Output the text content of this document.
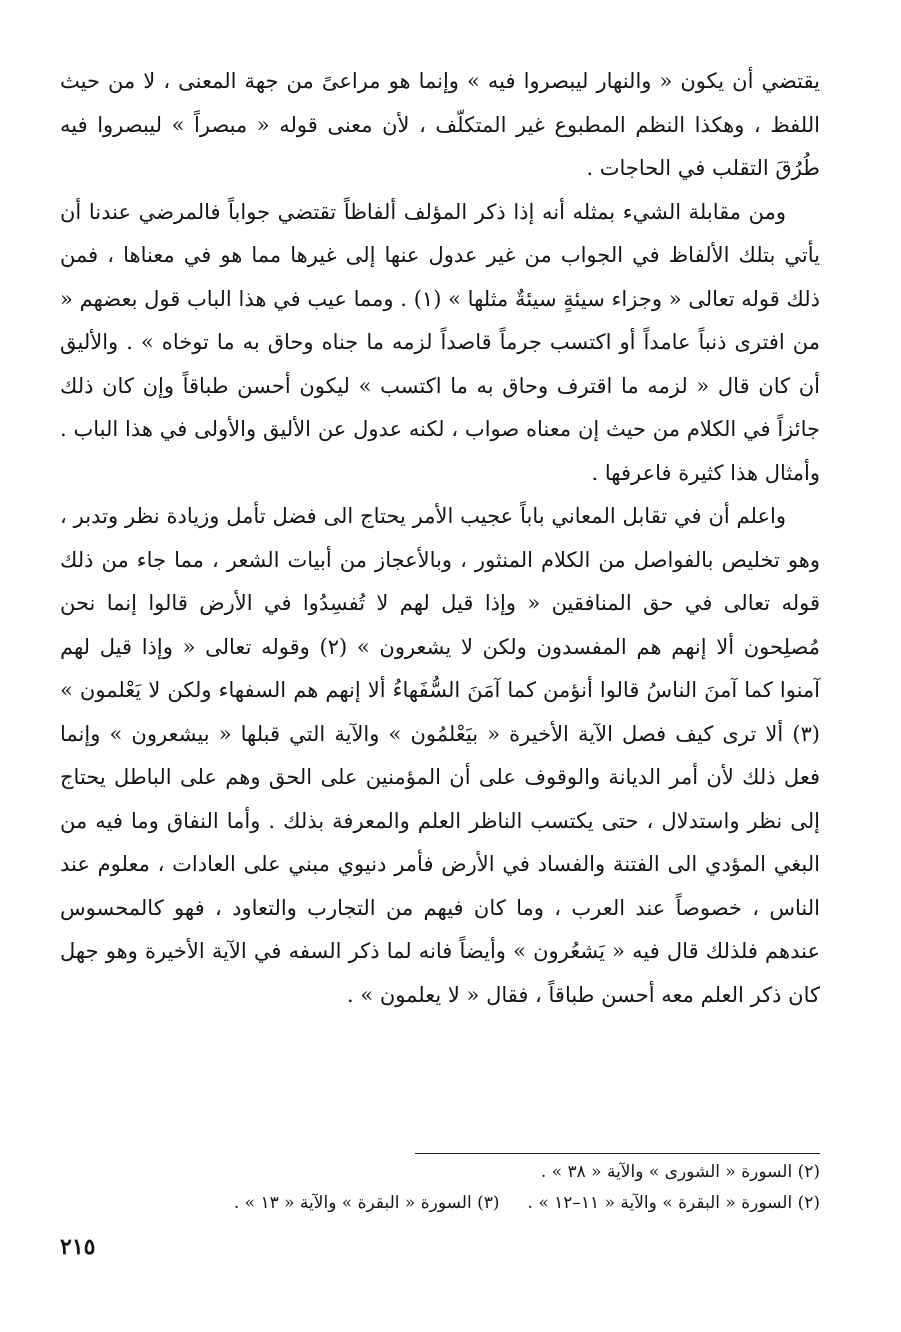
يقتضي أن يكون « والنهار ليبصروا فيه » وإنما هو مراعىً من جهة المعنى ، لا من حيث اللفظ ، وهكذا النظم المطبوع غير المتكلّف ، لأن معنى قوله « مبصراً » ليبصروا فيه طُرُقَ التقلب في الحاجات .

ومن مقابلة الشيء بمثله أنه إذا ذكر المؤلف ألفاظاً تقتضي جواباً فالمرضي عندنا أن يأتي بتلك الألفاظ في الجواب من غير عدول عنها إلى غيرها مما هو في معناها ، فمن ذلك قوله تعالى « وجزاء سيئةٍ سيئةٌ مثلها » (١) . ومما عيب في هذا الباب قول بعضهم « من افترى ذنباً عامداً أو اكتسب جرماً قاصداً لزمه ما جناه وحاق به ما توخاه » . والأليق أن كان قال « لزمه ما اقترف وحاق به ما اكتسب » ليكون أحسن طباقاً وإن كان ذلك جائزاً في الكلام من حيث إن معناه صواب ، لكنه عدول عن الأليق والأولى في هذا الباب . وأمثال هذا كثيرة فاعرفها .

واعلم أن في تقابل المعاني باباً عجيب الأمر يحتاج الى فضل تأمل وزيادة نظر وتدبر ، وهو تخليص بالفواصل من الكلام المنثور ، وبالأعجاز من أبيات الشعر ، مما جاء من ذلك قوله تعالى في حق المنافقين « وإذا قيل لهم لا تُفسِدُوا في الأرض قالوا إنما نحن مُصلِحون ألا إنهم هم المفسدون ولكن لا يشعرون » (٢) وقوله تعالى « وإذا قيل لهم آمنوا كما آمنَ الناسُ قالوا أنؤمن كما آمَنَ السُّفَهاءُ ألا إنهم هم السفهاء ولكن لا يَعْلمون » (٣) ألا ترى كيف فصل الآية الأخيرة « بيَعْلمُون » والآية التي قبلها « بيشعرون » وإنما فعل ذلك لأن أمر الديانة والوقوف على أن المؤمنين على الحق وهم على الباطل يحتاج إلى نظر واستدلال ، حتى يكتسب الناظر العلم والمعرفة بذلك . وأما النفاق وما فيه من البغي المؤدي الى الفتنة والفساد في الأرض فأمر دنيوي مبني على العادات ، معلوم عند الناس ، خصوصاً عند العرب ، وما كان فيهم من التجارب والتعاود ، فهو كالمحسوس عندهم فلذلك قال فيه « يَشعُرون » وأيضاً فانه لما ذكر السفه في الآية الأخيرة وهو جهل كان ذكر العلم معه أحسن طباقاً ، فقال « لا يعلمون » .

(٢) السورة « الشورى » والآية « ٣٨ » .
(٢) السورة « البقرة » والآية « ١١–١٢ » .
(٣) السورة « البقرة » والآية « ١٣ » .
٢١٥
